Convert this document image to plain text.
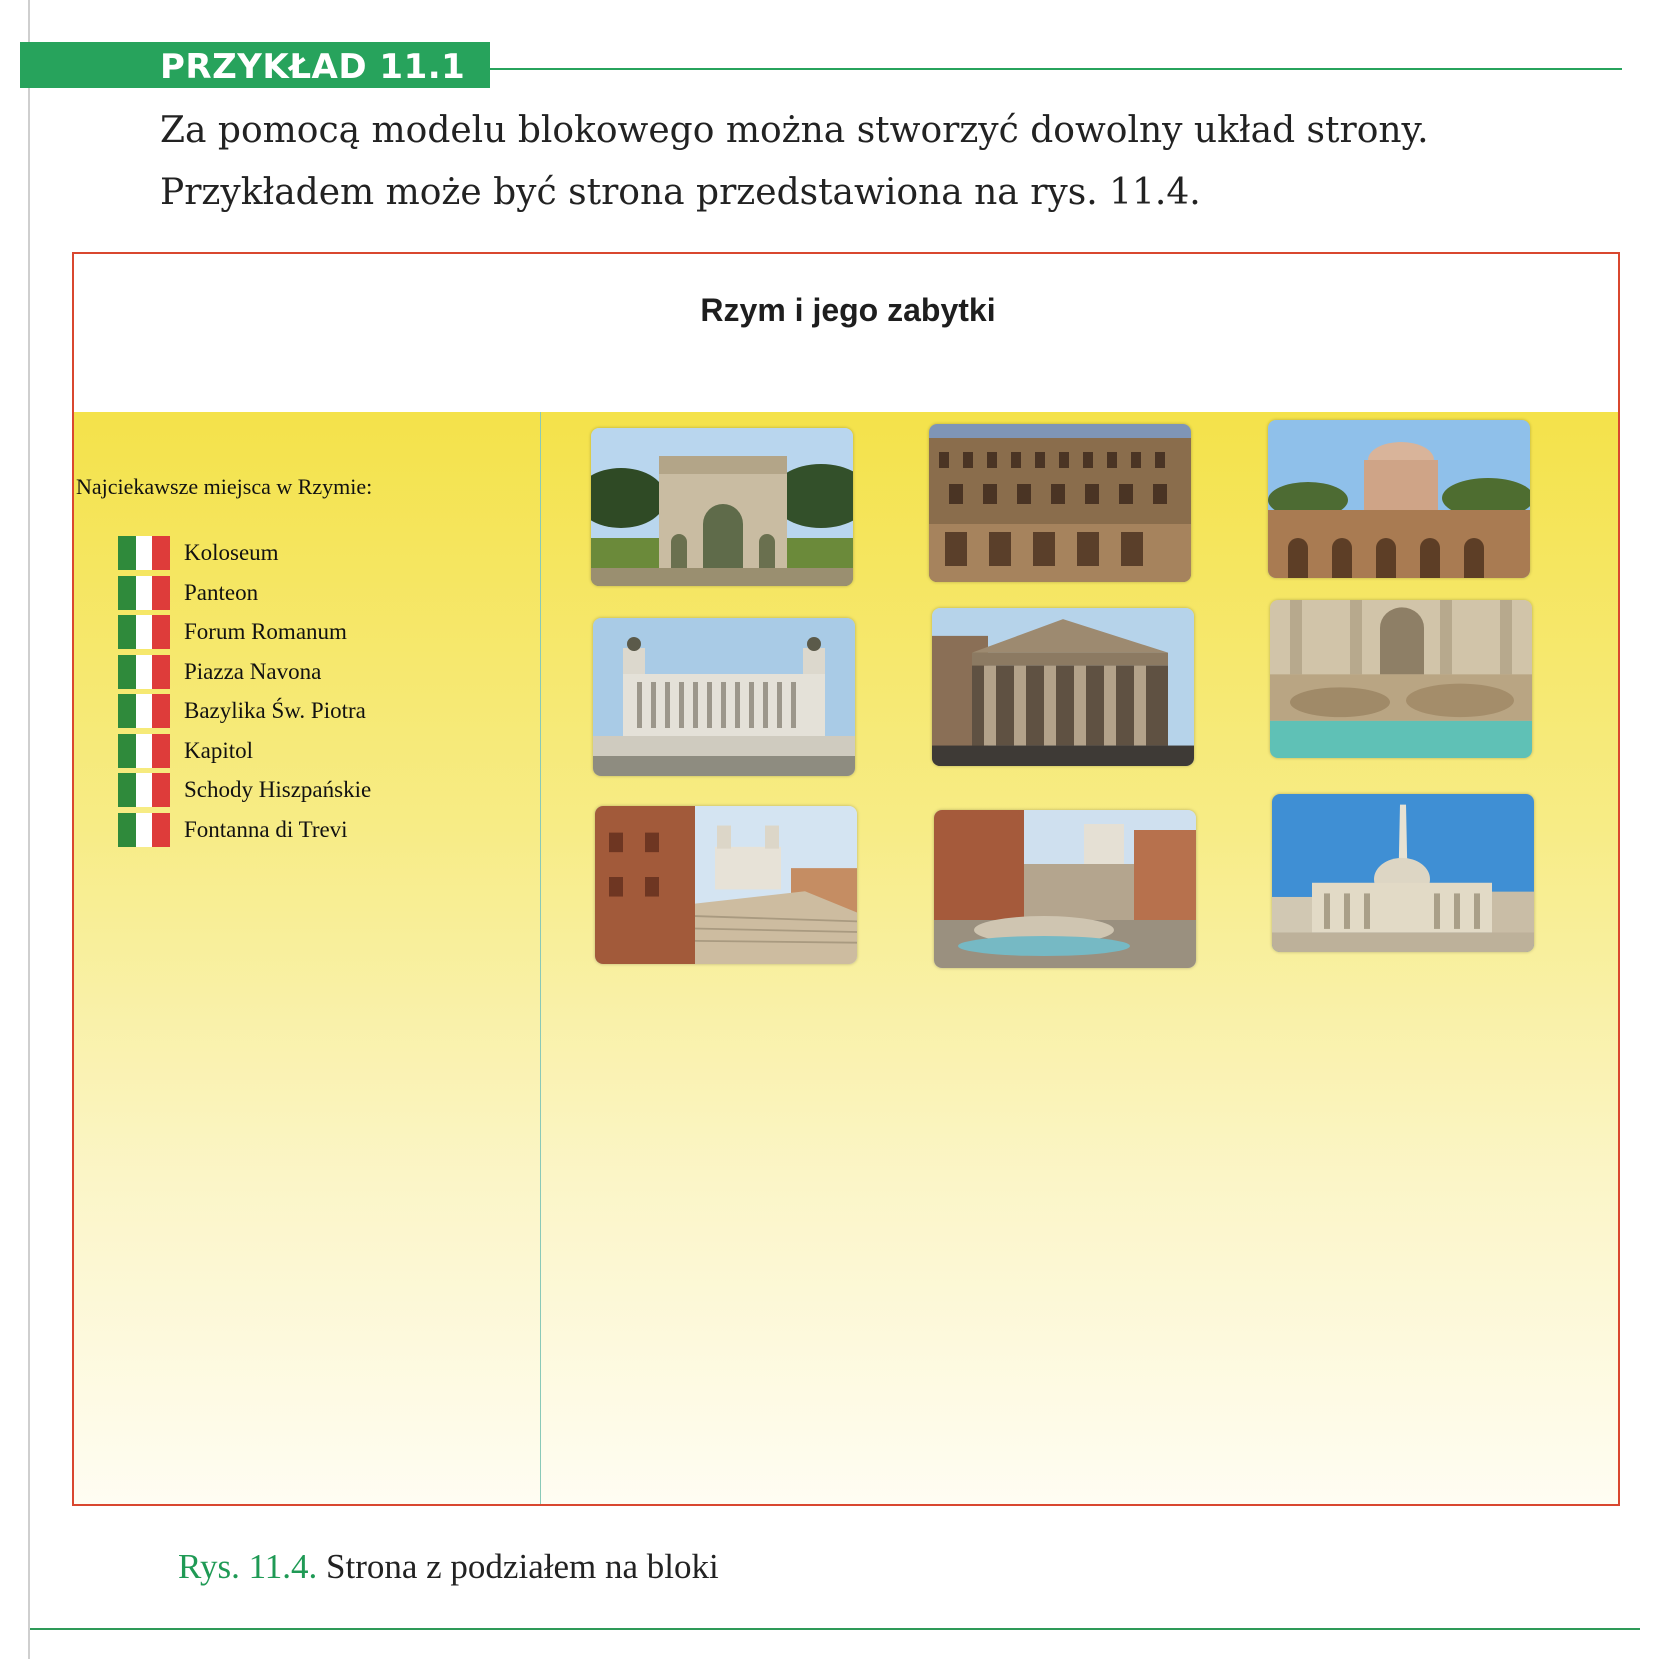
PRZYKŁAD 11.1

Za pomocą modelu blokowego można stworzyć dowolny układ strony. Przykładem może być strona przedstawiona na rys. 11.4.

Rzym i jego zabytki
Najciekawsze miejsca w Rzymie:
Koloseum
Panteon
Forum Romanum
Piazza Navona
Bazylika Św. Piotra
Kapitol
Schody Hiszpańskie
Fontanna di Trevi
Rys. 11.4. Strona z podziałem na bloki
